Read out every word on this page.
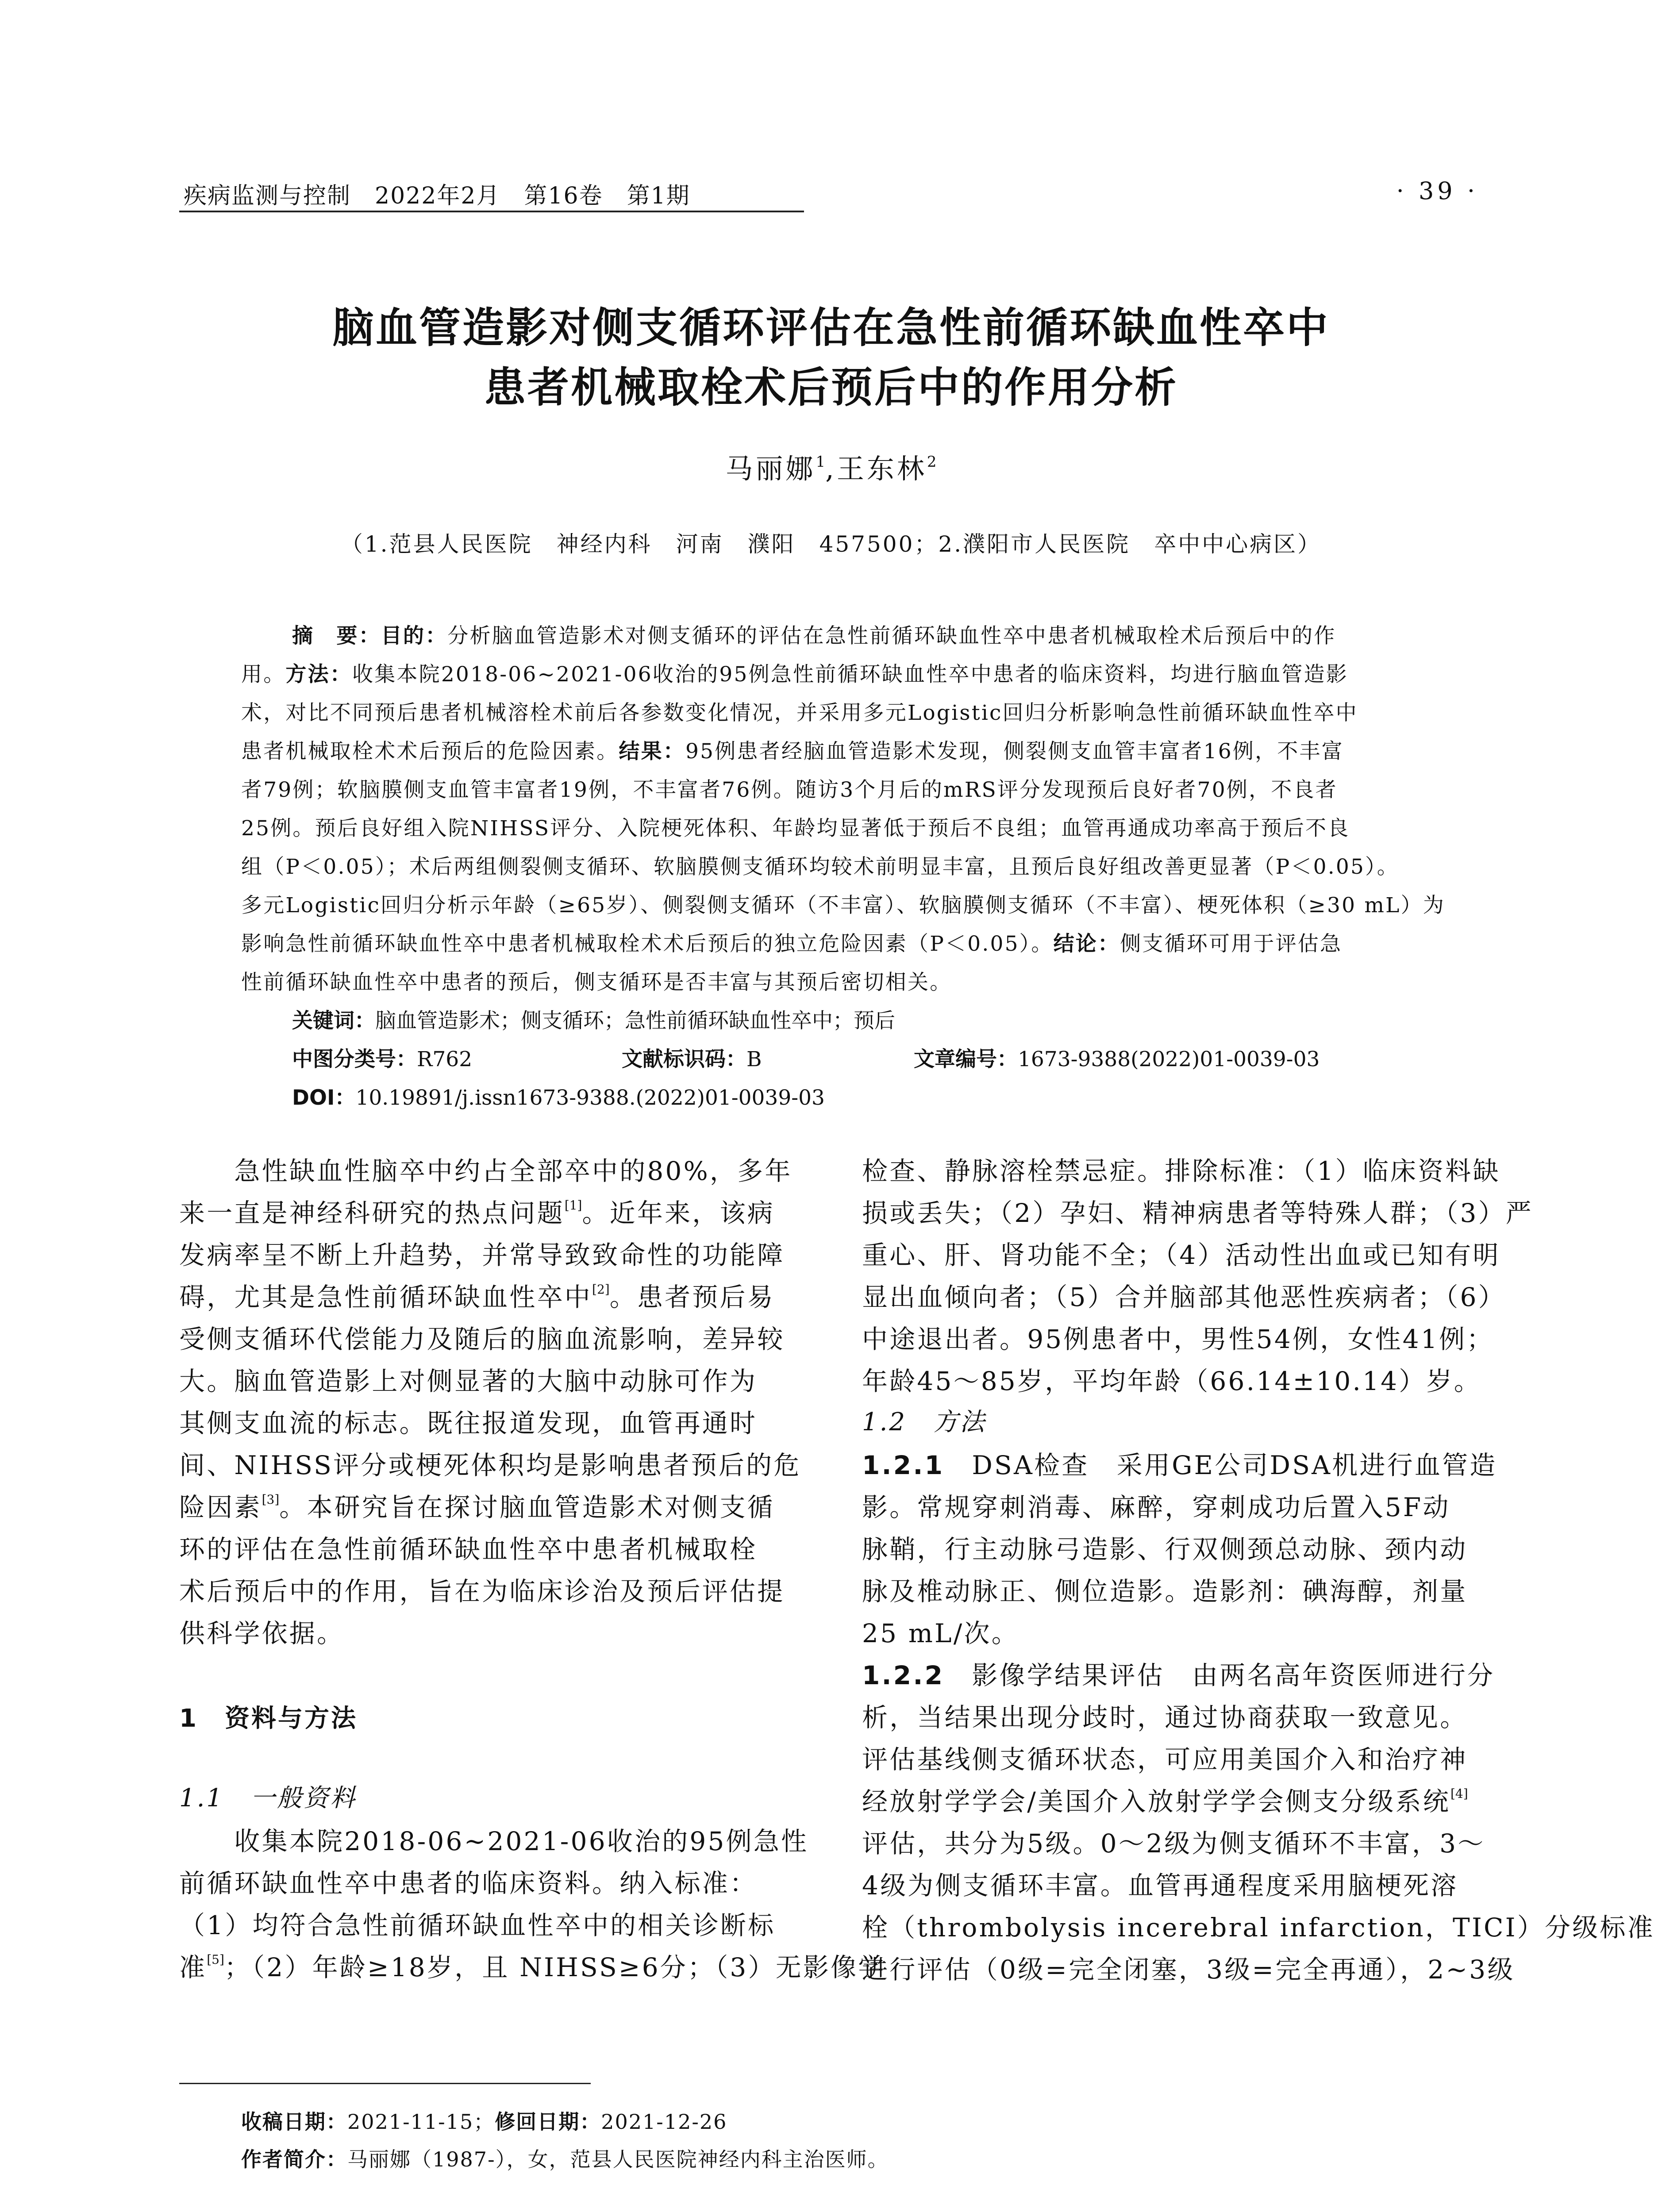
疾病监测与控制　2022年2月　第16卷　第1期	· 39 ·
脑血管造影对侧支循环评估在急性前循环缺血性卒中
患者机械取栓术后预后中的作用分析
马丽娜$^1$,王东林$^2$
（1.范县人民医院　神经内科　河南　濮阳　457500；2.濮阳市人民医院　卒中中心病区）
摘　要：目的：分析脑血管造影术对侧支循环的评估在急性前循环缺血性卒中患者机械取栓术后预后中的作
用。方法：收集本院2018-06~2021-06收治的95例急性前循环缺血性卒中患者的临床资料，均进行脑血管造影
术，对比不同预后患者机械溶栓术前后各参数变化情况，并采用多元Logistic回归分析影响急性前循环缺血性卒中
患者机械取栓术术后预后的危险因素。结果：95例患者经脑血管造影术发现，侧裂侧支血管丰富者16例，不丰富
者79例；软脑膜侧支血管丰富者19例，不丰富者76例。随访3个月后的mRS评分发现预后良好者70例，不良者
25例。预后良好组入院NIHSS评分、入院梗死体积、年龄均显著低于预后不良组；血管再通成功率高于预后不良
组（P＜0.05）；术后两组侧裂侧支循环、软脑膜侧支循环均较术前明显丰富，且预后良好组改善更显著（P＜0.05）。
多元Logistic回归分析示年龄（≥65岁）、侧裂侧支循环（不丰富）、软脑膜侧支循环（不丰富）、梗死体积（≥30 mL）为
影响急性前循环缺血性卒中患者机械取栓术术后预后的独立危险因素（P＜0.05）。结论：侧支循环可用于评估急
性前循环缺血性卒中患者的预后，侧支循环是否丰富与其预后密切相关。
关键词：脑血管造影术；侧支循环；急性前循环缺血性卒中；预后
中图分类号：R762	文献标识码：B	文章编号：1673-9388(2022)01-0039-03
DOI：10.19891/j.issn1673-9388.(2022)01-0039-03
　　急性缺血性脑卒中约占全部卒中的80%，多年
来一直是神经科研究的热点问题[1]。近年来，该病
发病率呈不断上升趋势，并常导致致命性的功能障
碍，尤其是急性前循环缺血性卒中[2]。患者预后易
受侧支循环代偿能力及随后的脑血流影响，差异较
大。脑血管造影上对侧显著的大脑中动脉可作为
其侧支血流的标志。既往报道发现，血管再通时
间、NIHSS评分或梗死体积均是影响患者预后的危
险因素[3]。本研究旨在探讨脑血管造影术对侧支循
环的评估在急性前循环缺血性卒中患者机械取栓
术后预后中的作用，旨在为临床诊治及预后评估提
供科学依据。
1　资料与方法
1.1　一般资料
　　收集本院2018-06~2021-06收治的95例急性
前循环缺血性卒中患者的临床资料。纳入标准：
（1）均符合急性前循环缺血性卒中的相关诊断标
准[5]；（2）年龄≥18岁，且 NIHSS≥6分；（3）无影像学
检查、静脉溶栓禁忌症。排除标准：（1）临床资料缺
损或丢失；（2）孕妇、精神病患者等特殊人群；（3）严
重心、肝、肾功能不全；（4）活动性出血或已知有明
显出血倾向者；（5）合并脑部其他恶性疾病者；（6）
中途退出者。95例患者中，男性54例，女性41例；
年龄45～85岁，平均年龄（66.14±10.14）岁。
1.2　方法
1.2.1　DSA检查　采用GE公司DSA机进行血管造
影。常规穿刺消毒、麻醉，穿刺成功后置入5F动
脉鞘，行主动脉弓造影、行双侧颈总动脉、颈内动
脉及椎动脉正、侧位造影。造影剂：碘海醇，剂量
25 mL/次。
1.2.2　影像学结果评估　由两名高年资医师进行分
析，当结果出现分歧时，通过协商获取一致意见。
评估基线侧支循环状态，可应用美国介入和治疗神
经放射学学会/美国介入放射学学会侧支分级系统[4]
评估，共分为5级。0～2级为侧支循环不丰富，3～
4级为侧支循环丰富。血管再通程度采用脑梗死溶
栓（thrombolysis incerebral infarction，TICI）分级标准
进行评估（0级=完全闭塞，3级=完全再通），2~3级
收稿日期：2021-11-15；修回日期：2021-12-26
作者简介：马丽娜（1987-），女，范县人民医院神经内科主治医师。
